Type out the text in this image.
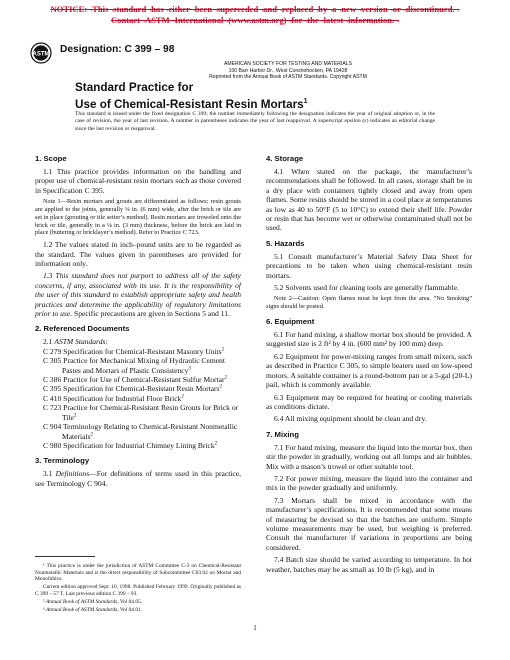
NOTICE:¬This¬standard¬has¬either¬been¬superceded¬and¬replaced¬by¬a¬new¬version¬or¬discontinued.¬
Contact¬ASTM¬International¬(www.astm.org)¬for¬the¬latest¬information.¬
ASTM Designation: C 399 – 98
AMERICAN SOCIETY FOR TESTING AND MATERIALS
100 Barr Harbor Dr., West Conshohocken, PA 19428
Reprinted from the Annual Book of ASTM Standards. Copyright ASTM
Standard Practice for
Use of Chemical-Resistant Resin Mortars$^1$
This standard is issued under the fixed designation C 399; the number immediately following the designation indicates the year of original adoption or, in the case of revision, the year of last revision. A number in parentheses indicates the year of last reapproval. A superscript epsilon (ε) indicates an editorial change since the last revision or reapproval.
1. Scope

1.1 This practice provides information on the handling and proper use of chemical-resistant resin mortars such as those covered in Specification C 395.

Note 1—Resin mortars and grouts are differentiated as follows: resin grouts are applied to the joints, generally ¼ in. (6 mm) wide, after the brick or tile are set in place (grouting or tile setter’s method). Resin mortars are troweled onto the brick or tile, generally in a ⅛ in. (3 mm) thickness, before the brick are laid in place (buttering or bricklayer’s method). Refer to Practice C 723.

1.2 The values stated in inch–pound units are to be regarded as the standard. The values given in parentheses are provided for information only.

1.3 This standard does not purport to address all of the safety concerns, if any, associated with its use. It is the responsibility of the user of this standard to establish appropriate safety and health practices and determine the applicability of regulatory limitations prior to use. Specific precautions are given in Sections 5 and 11.

2. Referenced Documents
2.1 ASTM Standards:
C 279 Specification for Chemical-Resistant Masonry Units$^2$
C 305 Practice for Mechanical Mixing of Hydraulic Cement Pastes and Mortars of Plastic Consistency$^3$
C 386 Practice for Use of Chemical-Resistant Sulfur Mortar$^2$
C 395 Specification for Chemical-Resistant Resin Mortars$^2$
C 410 Specification for Industrial Floor Brick$^2$
C 723 Practice for Chemical-Resistant Resin Grouts for Brick or Tile$^2$
C 904 Terminology Relating to Chemical-Resistant Nonmetallic Materials$^2$
C 980 Specification for Industrial Chimney Lining Brick$^2$
3. Terminology

3.1 Definitions—For definitions of terms used in this practice, see Terminology C 904.

¹ This practice is under the jurisdiction of ASTM Committee C-3 on Chemical-Resistant Nonmetallic Materials and is the direct responsibility of Subcommittee C03.02 on Mortar and Monolithics.

Current edition approved Sept. 10, 1998. Published February 1999. Originally published as C 399 – 57 T. Last previous edition C 399 – 93.

² Annual Book of ASTM Standards, Vol 04.05.

³ Annual Book of ASTM Standards, Vol 04.01.

4. Storage

4.1 When stated on the package, the manufacturer’s recommendations shall be followed. In all cases, storage shall be in a dry place with containers tightly closed and away from open flames. Some resins should be stored in a cool place at temperatures as low as 40 to 50°F (5 to 10°C) to extend their shelf life. Powder or resin that has become wet or otherwise contaminated shall not be used.

5. Hazards

5.1 Consult manufacturer’s Material Safety Data Sheet for precautions to be taken when using chemical-resistant resin mortars.

5.2 Solvents used for cleaning tools are generally flammable.

Note 2—Caution: Open flames must be kept from the area. “No Smoking” signs should be posted.

6. Equipment

6.1 For hand mixing, a shallow mortar box should be provided. A suggested size is 2 ft² by 4 in. (600 mm² by 100 mm) deep.

6.2 Equipment for power-mixing ranges from small mixers, such as described in Practice C 305, to simple beaters used on low-speed motors. A suitable container is a round-bottom pan or a 5-gal (20-L) pail, which is commonly available.

6.3 Equipment may be required for heating or cooling materials as conditions dictate.

6.4 All mixing equipment should be clean and dry.

7. Mixing

7.1 For hand mixing, measure the liquid into the mortar box, then stir the powder in gradually, working out all lumps and air bubbles. Mix with a mason’s trowel or other suitable tool.

7.2 For power mixing, measure the liquid into the container and mix in the powder gradually and uniformly.

7.3 Mortars shall be mixed in accordance with the manufacturer’s specifications. It is recommended that some means of measuring be devised so that the batches are uniform. Simple volume measurements may be used, but weighing is preferred. Consult the manufacturer if variations in proportions are being considered.

7.4 Batch size should be varied according to temperature. In hot weather, batches may be as small as 10 lb (5 kg), and in

1
